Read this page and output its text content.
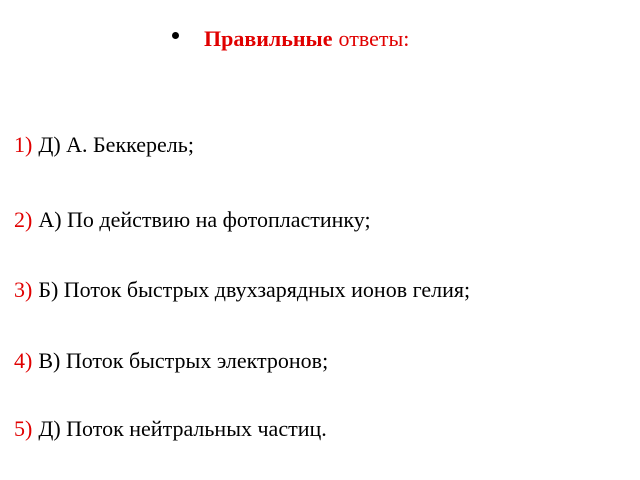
Правильные ответы:
1) Д) А. Беккерель;
2) А) По действию на фотопластинку;
3) Б) Поток быстрых двухзарядных ионов гелия;
4) В) Поток быстрых электронов;
5) Д) Поток нейтральных частиц.
